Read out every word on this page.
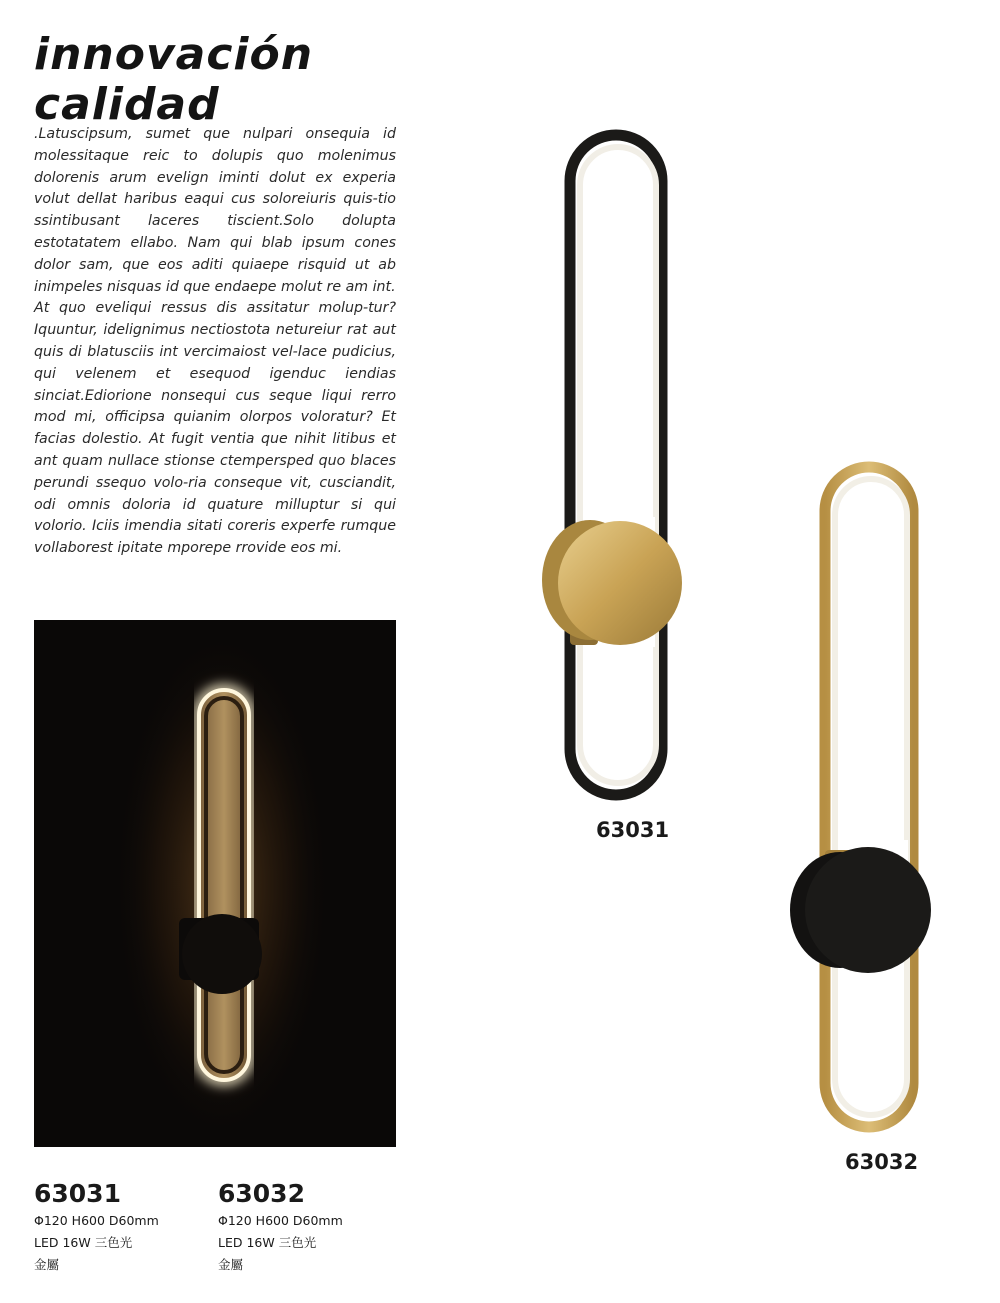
innovación
calidad

.Latuscipsum, sumet que nulpari onsequia id molessitaque reic to dolupis quo molenimus dolorenis arum evelign iminti dolut ex experia volut dellat haribus eaqui cus soloreiuris quis-tio ssintibusant laceres tiscient.Solo dolupta estotatatem ellabo. Nam qui blab ipsum cones dolor sam, que eos aditi quiaepe risquid ut ab inimpeles nisquas id que endaepe molut re am int.

At quo eveliqui ressus dis assitatur molup-tur?Iquuntur, idelignimus nectiostota netureiur rat aut quis di blatusciis int vercimaiost vel-lace pudicius, qui velenem et esequod igenduc iendias sinciat.Ediorione nonsequi cus seque liqui rerro mod mi, officipsa quianim olorpos voloratur? Et facias dolestio. At fugit ventia que nihit litibus et ant quam nullace stionse ctempersped quo blaces perundi ssequo volo-ria conseque vit, cusciandit, odi omnis doloria id quature milluptur si qui volorio. Iciis imendia sitati coreris experfe rumque vollaborest ipitate mporepe rrovide eos mi.

63031
Φ120 H600 D60mm
LED 16W 三色光
金屬
63032
Φ120 H600 D60mm
LED 16W 三色光
金屬
63031
63032
